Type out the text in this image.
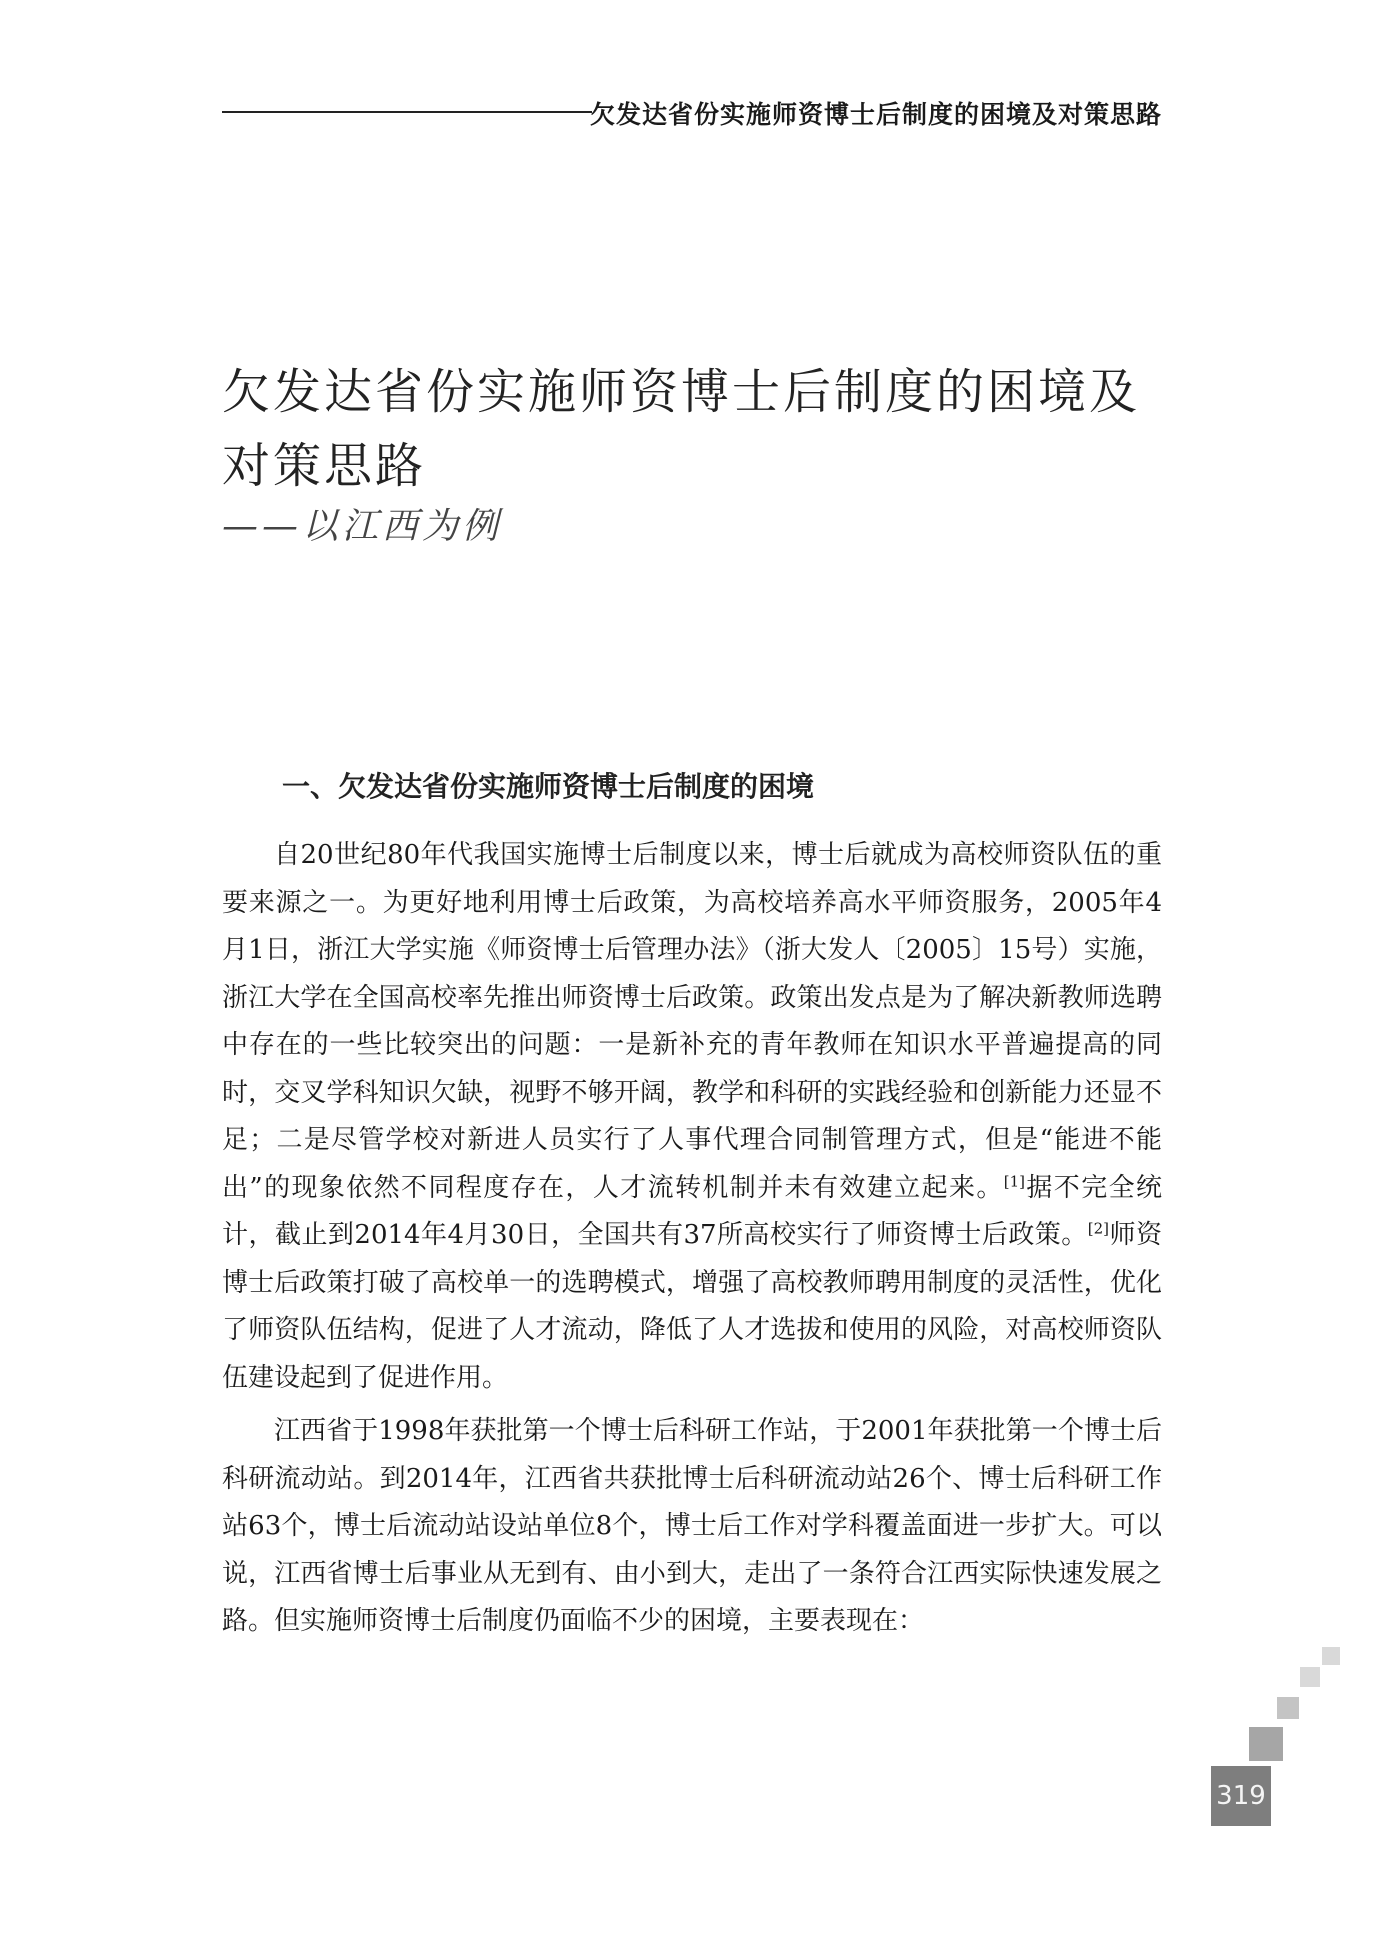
欠发达省份实施师资博士后制度的困境及对策思路
欠发达省份实施师资博士后制度的困境及
对策思路
——以江西为例
一、欠发达省份实施师资博士后制度的困境

自20世纪80年代我国实施博士后制度以来，博士后就成为高校师资队伍的重要来源之一。为更好地利用博士后政策，为高校培养高水平师资服务，2005年4月1日，浙江大学实施《师资博士后管理办法》（浙大发人〔2005〕15号）实施，浙江大学在全国高校率先推出师资博士后政策。政策出发点是为了解决新教师选聘中存在的一些比较突出的问题：一是新补充的青年教师在知识水平普遍提高的同时，交叉学科知识欠缺，视野不够开阔，教学和科研的实践经验和创新能力还显不足；二是尽管学校对新进人员实行了人事代理合同制管理方式，但是“能进不能出”的现象依然不同程度存在，人才流转机制并未有效建立起来。[1]据不完全统计，截止到2014年4月30日，全国共有37所高校实行了师资博士后政策。[2]师资博士后政策打破了高校单一的选聘模式，增强了高校教师聘用制度的灵活性，优化了师资队伍结构，促进了人才流动，降低了人才选拔和使用的风险，对高校师资队伍建设起到了促进作用。

江西省于1998年获批第一个博士后科研工作站，于2001年获批第一个博士后科研流动站。到2014年，江西省共获批博士后科研流动站26个、博士后科研工作站63个，博士后流动站设站单位8个，博士后工作对学科覆盖面进一步扩大。可以说，江西省博士后事业从无到有、由小到大，走出了一条符合江西实际快速发展之路。但实施师资博士后制度仍面临不少的困境，主要表现在：

319
